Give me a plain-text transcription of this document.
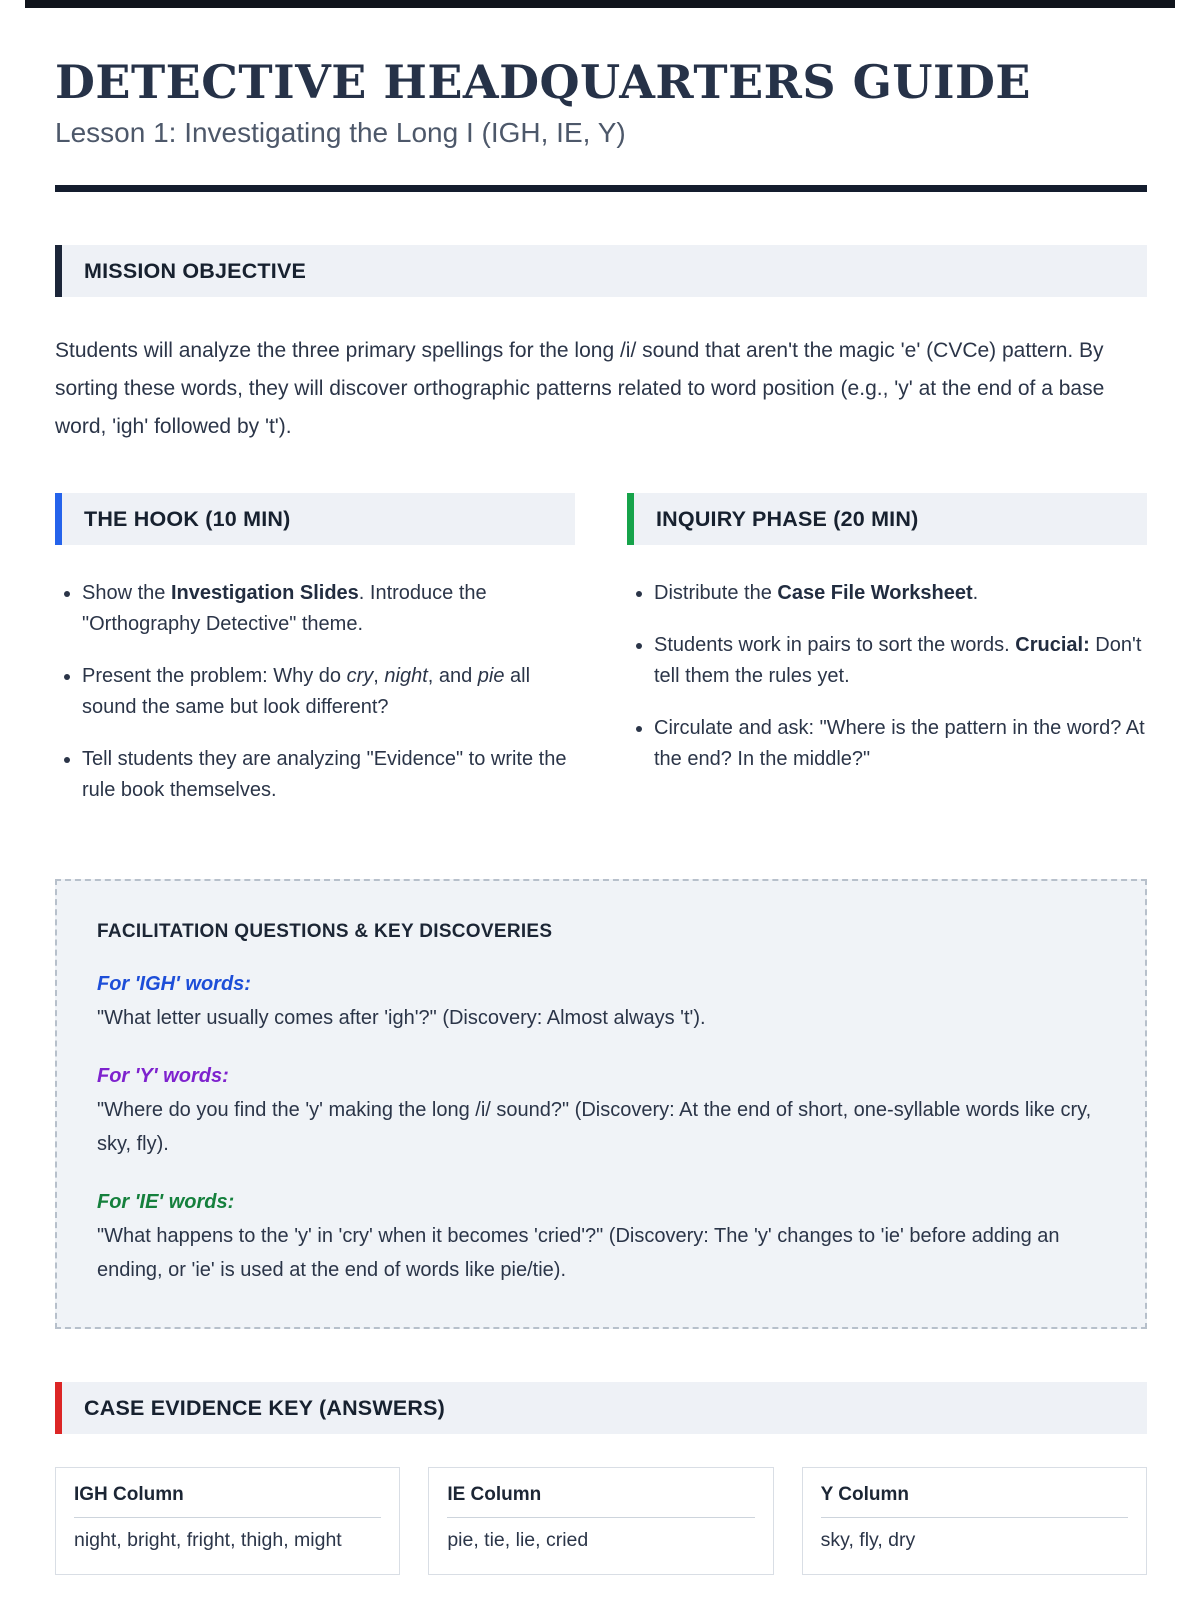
DETECTIVE HEADQUARTERS GUIDE
Lesson 1: Investigating the Long I (IGH, IE, Y)
MISSION OBJECTIVE

Students will analyze the three primary spellings for the long /i/ sound that aren't the magic 'e' (CVCe) pattern. By sorting these words, they will discover orthographic patterns related to word position (e.g., 'y' at the end of a base word, 'igh' followed by 't').

THE HOOK (10 MIN)
• Show the Investigation Slides. Introduce the "Orthography Detective" theme.
• Present the problem: Why do cry, night, and pie all sound the same but look different?
• Tell students they are analyzing "Evidence" to write the rule book themselves.
INQUIRY PHASE (20 MIN)
• Distribute the Case File Worksheet.
• Students work in pairs to sort the words. Crucial: Don't tell them the rules yet.
• Circulate and ask: "Where is the pattern in the word? At the end? In the middle?"
FACILITATION QUESTIONS & KEY DISCOVERIES
For 'IGH' words:
"What letter usually comes after 'igh'?" (Discovery: Almost always 't').
For 'Y' words:
"Where do you find the 'y' making the long /i/ sound?" (Discovery: At the end of short, one-syllable words like cry, sky, fly).
For 'IE' words:
"What happens to the 'y' in 'cry' when it becomes 'cried'?" (Discovery: The 'y' changes to 'ie' before adding an ending, or 'ie' is used at the end of words like pie/tie).
CASE EVIDENCE KEY (ANSWERS)
IGH Column
night, bright, fright, thigh, might
IE Column
pie, tie, lie, cried
Y Column
sky, fly, dry
